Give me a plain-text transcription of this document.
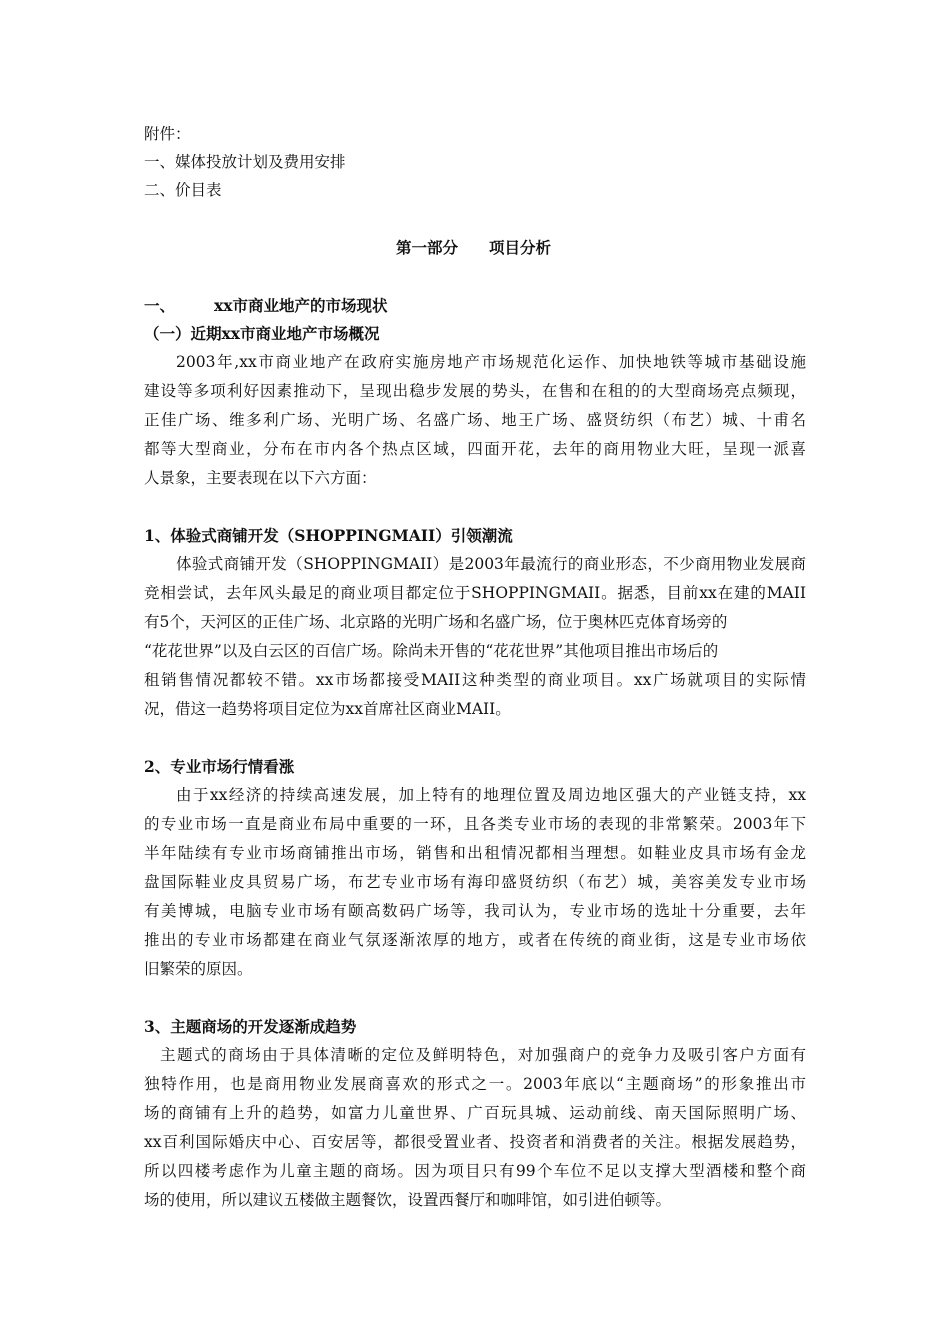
附件：
一、媒体投放计划及费用安排
二、价目表
第一部分 项目分析
一、	xx市商业地产的市场现状
（一）近期xx市商业地产市场概况
2003年,xx市商业地产在政府实施房地产市场规范化运作、加快地铁等城市基础设施
建设等多项利好因素推动下，呈现出稳步发展的势头，在售和在租的的大型商场亮点频现，
正佳广场、维多利广场、光明广场、名盛广场、地王广场、盛贤纺织（布艺）城、十甫名
都等大型商业，分布在市内各个热点区域，四面开花，去年的商用物业大旺，呈现一派喜
人景象，主要表现在以下六方面：
1、体验式商铺开发（SHOPPINGMAII）引领潮流
体验式商铺开发（SHOPPINGMAII）是2003年最流行的商业形态，不少商用物业发展商
竞相尝试，去年风头最足的商业项目都定位于SHOPPINGMAII。据悉，目前xx在建的MAII
有5个，天河区的正佳广场、北京路的光明广场和名盛广场，位于奥林匹克体育场旁的
“花花世界”以及白云区的百信广场。除尚未开售的“花花世界”其他项目推出市场后的
租销售情况都较不错。xx市场都接受MAII这种类型的商业项目。xx广场就项目的实际情
况，借这一趋势将项目定位为xx首席社区商业MAII。
2、专业市场行情看涨
由于xx经济的持续高速发展，加上特有的地理位置及周边地区强大的产业链支持，xx
的专业市场一直是商业布局中重要的一环，且各类专业市场的表现的非常繁荣。2003年下
半年陆续有专业市场商铺推出市场，销售和出租情况都相当理想。如鞋业皮具市场有金龙
盘国际鞋业皮具贸易广场，布艺专业市场有海印盛贤纺织（布艺）城，美容美发专业市场
有美博城，电脑专业市场有颐高数码广场等，我司认为，专业市场的选址十分重要，去年
推出的专业市场都建在商业气氛逐渐浓厚的地方，或者在传统的商业街，这是专业市场依
旧繁荣的原因。
3、主题商场的开发逐渐成趋势
主题式的商场由于具体清晰的定位及鲜明特色，对加强商户的竞争力及吸引客户方面有
独特作用，也是商用物业发展商喜欢的形式之一。2003年底以“主题商场”的形象推出市
场的商铺有上升的趋势，如富力儿童世界、广百玩具城、运动前线、南天国际照明广场、
xx百利国际婚庆中心、百安居等，都很受置业者、投资者和消费者的关注。根据发展趋势，
所以四楼考虑作为儿童主题的商场。因为项目只有99个车位不足以支撑大型酒楼和整个商
场的使用，所以建议五楼做主题餐饮，设置西餐厅和咖啡馆，如引进伯顿等。
